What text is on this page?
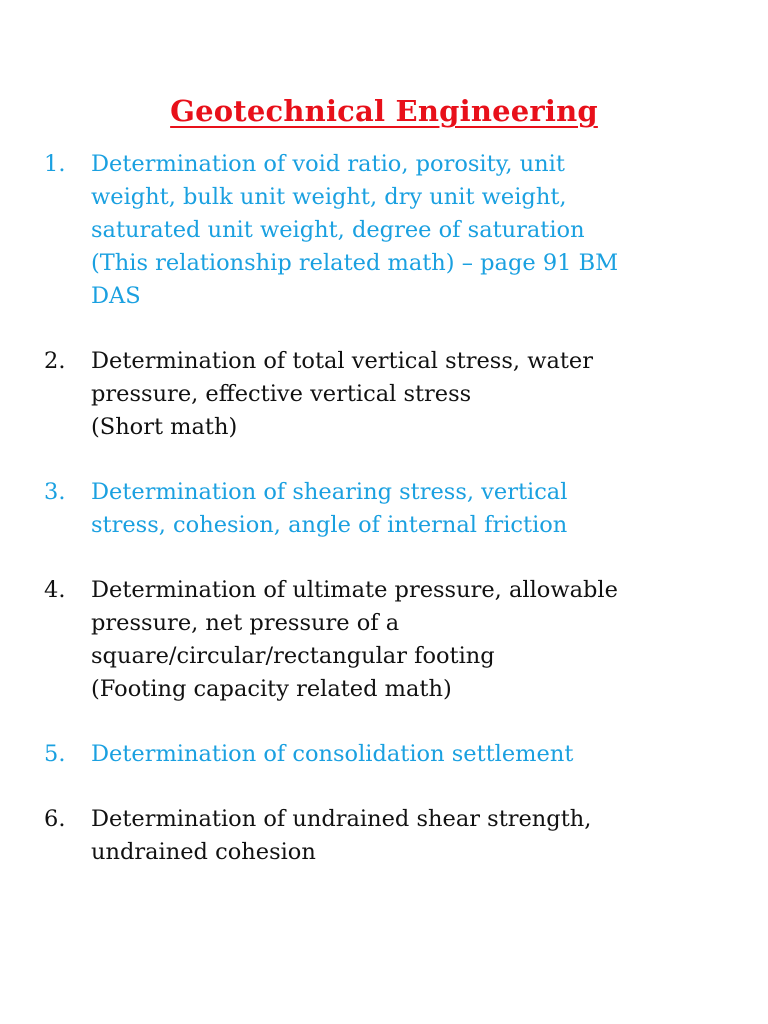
Geotechnical Engineering
1.	Determination of void ratio, porosity, unit
weight, bulk unit weight, dry unit weight,
saturated unit weight, degree of saturation
(This relationship related math) – page 91 BM
DAS
2.	Determination of total vertical stress, water
pressure, effective vertical stress
(Short math)
3.	Determination of shearing stress, vertical
stress, cohesion, angle of internal friction
4.	Determination of ultimate pressure, allowable
pressure, net pressure of a
square/circular/rectangular footing
(Footing capacity related math)
5.	Determination of consolidation settlement
6.	Determination of undrained shear strength,
undrained cohesion
